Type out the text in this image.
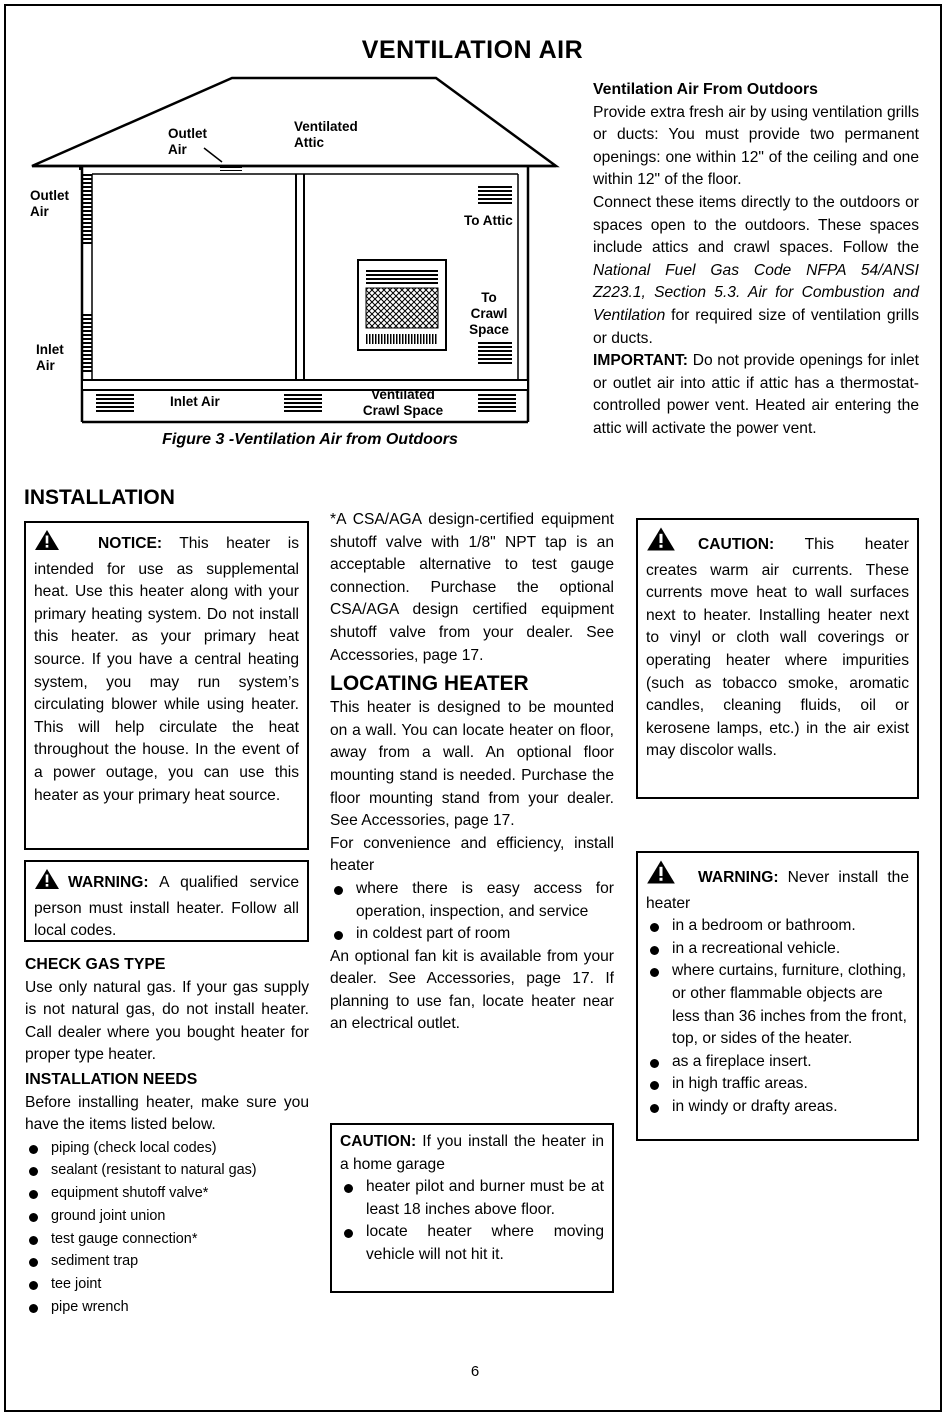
VENTILATION AIR
Outlet Air
Ventilated Attic
Outlet Air
Inlet Air
To Attic
To Crawl Space
Inlet Air	Ventilated Crawl Space
Figure 3 -Ventilation Air from Outdoors
Ventilation Air From Outdoors
Provide extra fresh air by using ventilation grills or ducts: You must provide two permanent openings: one within 12" of the ceiling and one within 12" of the floor.
Connect these items directly to the outdoors or spaces open to the outdoors. These spaces include attics and crawl spaces. Follow the National Fuel Gas Code NFPA 54/ANSI Z223.1, Section 5.3. Air for Combustion and Ventilation for required size of ventilation grills or ducts.
IMPORTANT: Do not provide openings for inlet or outlet air into attic if attic has a thermostat-controlled power vent. Heated air entering the attic will activate the power vent.
INSTALLATION
NOTICE: This heater is intended for use as supplemental heat. Use this heater along with your primary heating system. Do not install this heater. as your primary heat source. If you have a central heating system, you may run system’s circulating blower while using heater. This will help circulate the heat throughout the house. In the event of a power outage, you can use this heater as your primary heat source.
WARNING: A qualified service person must install heater. Follow all local codes.
CHECK GAS TYPE
Use only natural gas. If your gas supply is not natural gas, do not install heater. Call dealer where you bought heater for proper type heater.
INSTALLATION NEEDS
Before installing heater, make sure you have the items listed below.
piping (check local codes)
sealant (resistant to natural gas)
equipment shutoff valve*
ground joint union
test gauge connection*
sediment trap
tee joint
pipe wrench
*A CSA/AGA design-certified equipment shutoff valve with 1/8" NPT tap is an acceptable alternative to test gauge connection. Purchase the optional CSA/AGA design certified equipment shutoff valve from your dealer. See Accessories, page 17.
LOCATING HEATER
This heater is designed to be mounted on a wall. You can locate heater on floor, away from a wall. An optional floor mounting stand is needed. Purchase the floor mounting stand from your dealer. See Accessories, page 17.
For convenience and efficiency, install heater
where there is easy access for operation, inspection, and service
in coldest part of room
An optional fan kit is available from your dealer. See Accessories, page 17. If planning to use fan, locate heater near an electrical outlet.
CAUTION: If you install the heater in a home garage
heater pilot and burner must be at least 18 inches above floor.
locate heater where moving vehicle will not hit it.
CAUTION: This heater creates warm air currents. These currents move heat to wall surfaces next to heater. Installing heater next to vinyl or cloth wall coverings or operating heater where impurities (such as tobacco smoke, aromatic candles, cleaning fluids, oil or kerosene lamps, etc.) in the air exist may discolor walls.
WARNING: Never install the heater
in a bedroom or bathroom.
in a recreational vehicle.
where curtains, furniture, clothing, or other flammable objects are less than 36 inches from the front, top, or sides of the heater.
as a fireplace insert.
in high traffic areas.
in windy or drafty areas.
6
